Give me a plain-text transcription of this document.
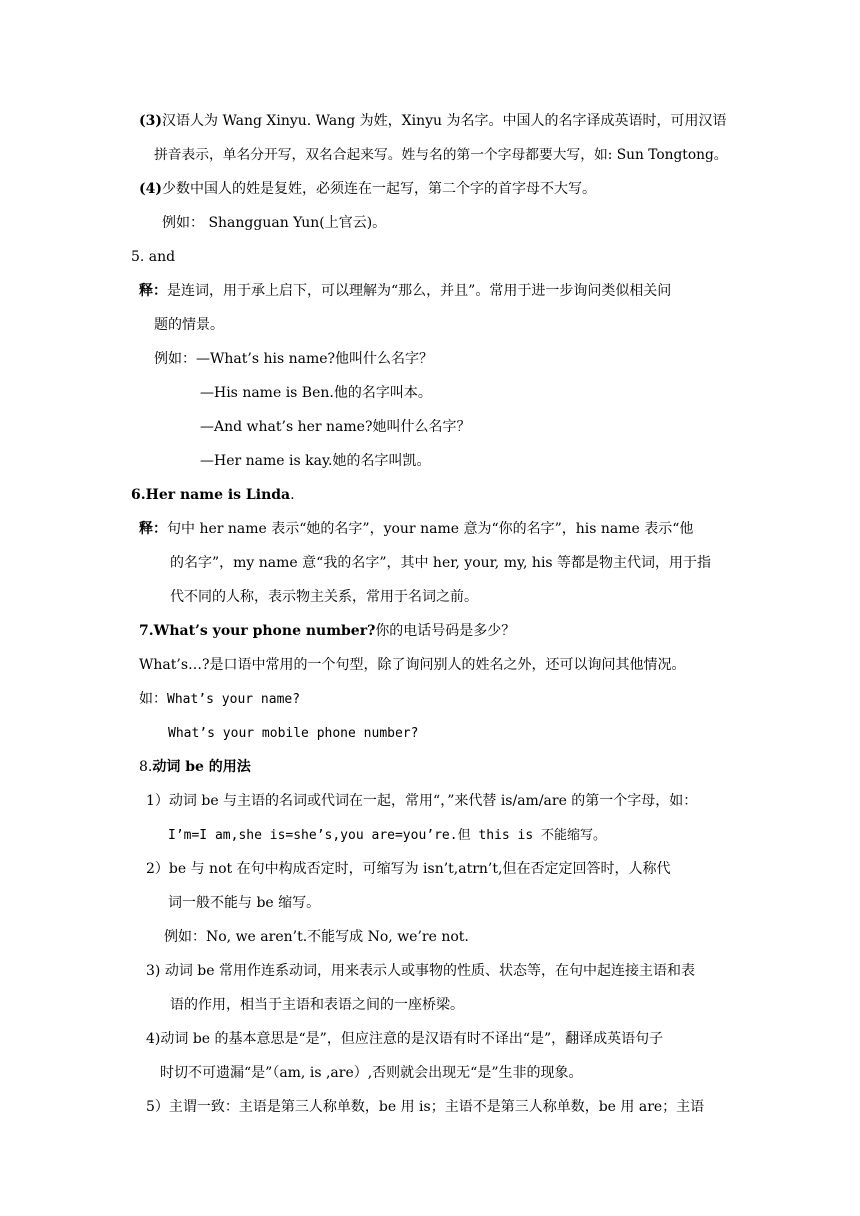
(3)汉语人为 Wang Xinyu. Wang 为姓，Xinyu 为名字。中国人的名字译成英语时，可用汉语
拼音表示，单名分开写，双名合起来写。姓与名的第一个字母都要大写，如: Sun Tongtong。
(4)少数中国人的姓是复姓，必须连在一起写，第二个字的首字母不大写。
例如： Shangguan Yun(上官云)。
5. and
释：是连词，用于承上启下，可以理解为“那么，并且”。常用于进一步询问类似相关问
题的情景。
例如：—What’s his name?他叫什么名字？
—His name is Ben.他的名字叫本。
—And what’s her name?她叫什么名字？
—Her name is kay.她的名字叫凯。
6.Her name is Linda.
释：句中 her name 表示“她的名字”，your name 意为“你的名字”，his name 表示“他
的名字”，my name 意“我的名字”，其中 her, your, my, his 等都是物主代词，用于指
代不同的人称，表示物主关系，常用于名词之前。
7.What’s your phone number?你的电话号码是多少？
What’s…?是口语中常用的一个句型，除了询问别人的姓名之外，还可以询问其他情况。
如：What’s your name?
What’s your mobile phone number?
8.动词 be 的用法
1）动词 be 与主语的名词或代词在一起，常用“，”来代替 is/am/are 的第一个字母，如：
I’m=I am,she is=she’s,you are=you’re.但 this is 不能缩写。
2）be 与 not 在句中构成否定时，可缩写为 isn’t,atrn’t,但在否定定回答时，人称代
词一般不能与 be 缩写。
例如：No, we aren’t.不能写成 No, we’re not.
3) 动词 be 常用作连系动词，用来表示人或事物的性质、状态等，在句中起连接主语和表
语的作用，相当于主语和表语之间的一座桥梁。
4)动词 be 的基本意思是“是”，但应注意的是汉语有时不译出“是”，翻译成英语句子
时切不可遗漏“是”（am, is ,are）,否则就会出现无“是”生非的现象。
5）主谓一致：主语是第三人称单数，be 用 is；主语不是第三人称单数，be 用 are；主语
